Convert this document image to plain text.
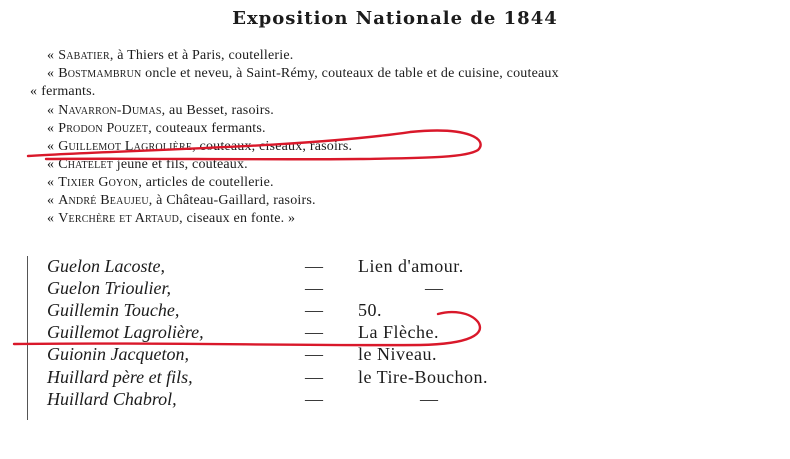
Exposition Nationale de 1844
« Sabatier, à Thiers et à Paris, coutellerie.
« Bostmambrun oncle et neveu, à Saint-Rémy, couteaux de table et de cuisine, couteaux
« fermants.
« Navarron-Dumas, au Besset, rasoirs.
« Prodon Pouzet, couteaux fermants.
« Guillemot Lagrolière, couteaux, ciseaux, rasoirs.
« Chatelet jeune et fils, couteaux.
« Tixier Goyon, articles de coutellerie.
« André Beaujeu, à Château-Gaillard, rasoirs.
« Verchère et Artaud, ciseaux en fonte. »
Guelon Lacoste,	— Lien d'amour.
Guelon Trioulier,	—	—
Guillemin Touche,	— 50.
Guillemot Lagrolière,	— La Flèche.
Guionin Jacqueton,	— le Niveau.
Huillard père et fils,	— le Tire-Bouchon.
Huillard Chabrol,	—	—
